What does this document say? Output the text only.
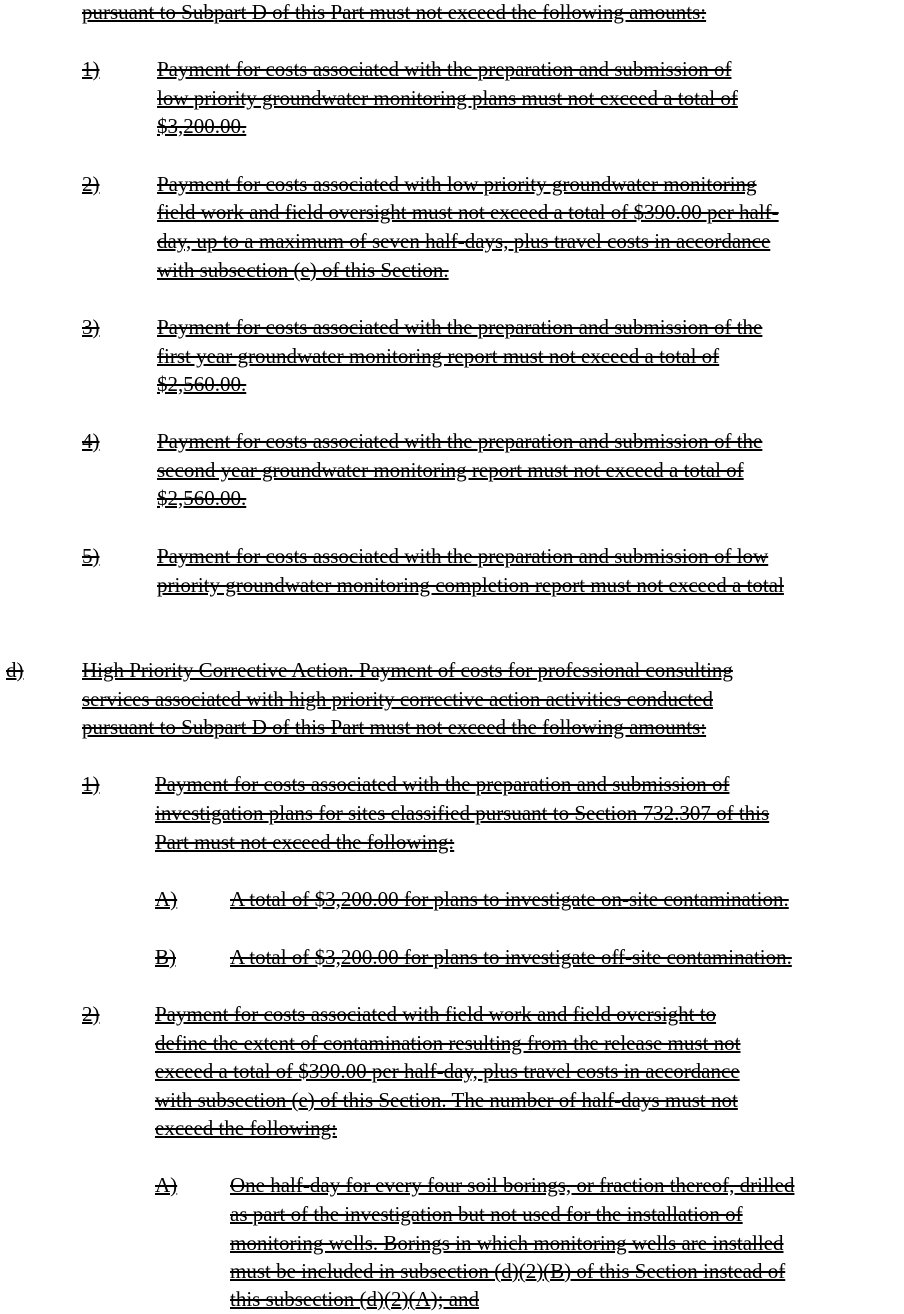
pursuant to Subpart D of this Part must not exceed the following amounts:
1)	Payment for costs associated with the preparation and submission of
low priority groundwater monitoring plans must not exceed a total of
$3,200.00.
2)	Payment for costs associated with low priority groundwater monitoring
field work and field oversight must not exceed a total of $390.00 per half-
day, up to a maximum of seven half-days, plus travel costs in accordance
with subsection (e) of this Section.
3)	Payment for costs associated with the preparation and submission of the
first year groundwater monitoring report must not exceed a total of
$2,560.00.
4)	Payment for costs associated with the preparation and submission of the
second year groundwater monitoring report must not exceed a total of
$2,560.00.
5)	Payment for costs associated with the preparation and submission of low
priority groundwater monitoring completion report must not exceed a total
d)	High Priority Corrective Action. Payment of costs for professional consulting
services associated with high priority corrective action activities conducted
pursuant to Subpart D of this Part must not exceed the following amounts:
1)	Payment for costs associated with the preparation and submission of
investigation plans for sites classified pursuant to Section 732.307 of this
Part must not exceed the following:
A)	A total of $3,200.00 for plans to investigate on-site contamination.
B)	A total of $3,200.00 for plans to investigate off-site contamination.
2)	Payment for costs associated with field work and field oversight to
define the extent of contamination resulting from the release must not
exceed a total of $390.00 per half-day, plus travel costs in accordance
with subsection (e) of this Section. The number of half-days must not
exceed the following:
A)	One half-day for every four soil borings, or fraction thereof, drilled
as part of the investigation but not used for the installation of
monitoring wells. Borings in which monitoring wells are installed
must be included in subsection (d)(2)(B) of this Section instead of
this subsection (d)(2)(A); and
